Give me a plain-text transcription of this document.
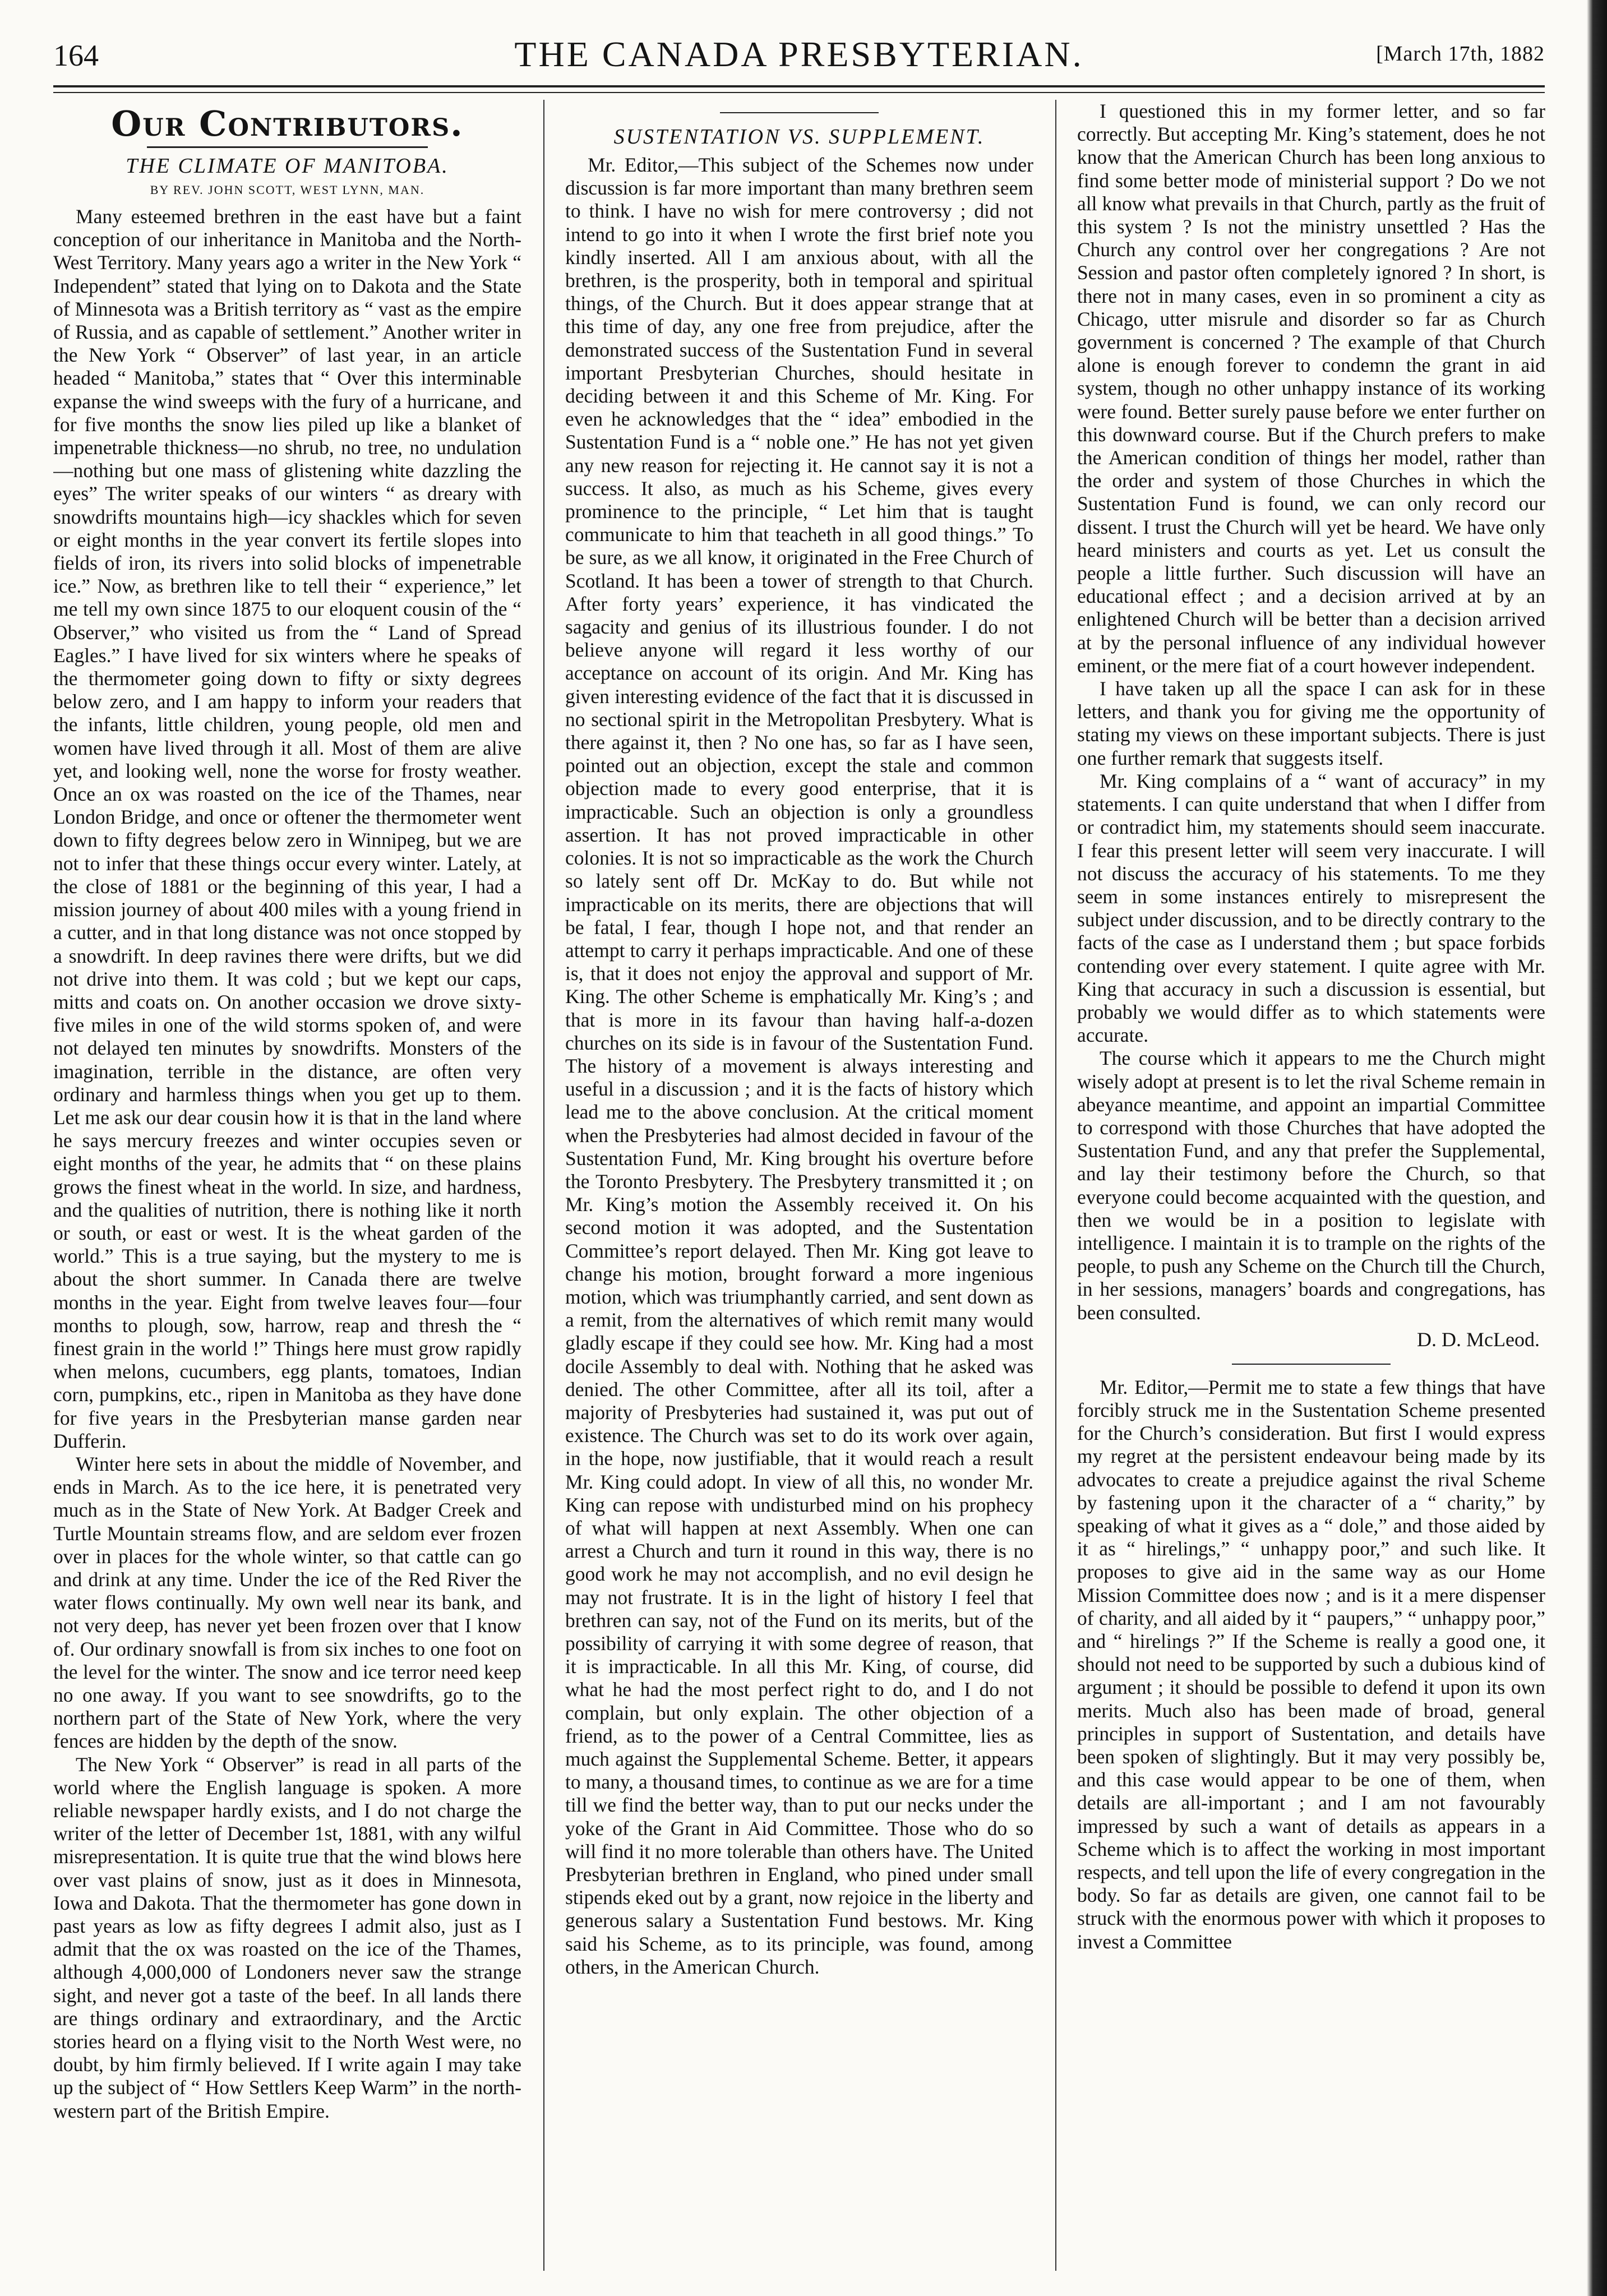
164	THE CANADA PRESBYTERIAN.	[March 17th, 1882
Our Contributors.
THE CLIMATE OF MANITOBA.
BY REV. JOHN SCOTT, WEST LYNN, MAN.

Many esteemed brethren in the east have but a faint conception of our inheritance in Manitoba and the North-West Territory. Many years ago a writer in the New York “ Independent” stated that lying on to Dakota and the State of Minnesota was a British territory as “ vast as the empire of Russia, and as capable of settlement.” Another writer in the New York “ Observer” of last year, in an article headed “ Manitoba,” states that “ Over this interminable expanse the wind sweeps with the fury of a hurricane, and for five months the snow lies piled up like a blanket of impenetrable thickness—no shrub, no tree, no undulation—nothing but one mass of glistening white dazzling the eyes” The writer speaks of our winters “ as dreary with snowdrifts mountains high—icy shackles which for seven or eight months in the year convert its fertile slopes into fields of iron, its rivers into solid blocks of impenetrable ice.” Now, as brethren like to tell their “ experience,” let me tell my own since 1875 to our eloquent cousin of the “ Observer,” who visited us from the “ Land of Spread Eagles.” I have lived for six winters where he speaks of the thermometer going down to fifty or sixty degrees below zero, and I am happy to inform your readers that the infants, little children, young people, old men and women have lived through it all. Most of them are alive yet, and looking well, none the worse for frosty weather. Once an ox was roasted on the ice of the Thames, near London Bridge, and once or oftener the thermometer went down to fifty degrees below zero in Winnipeg, but we are not to infer that these things occur every winter. Lately, at the close of 1881 or the beginning of this year, I had a mission journey of about 400 miles with a young friend in a cutter, and in that long distance was not once stopped by a snowdrift. In deep ravines there were drifts, but we did not drive into them. It was cold ; but we kept our caps, mitts and coats on. On another occasion we drove sixty-five miles in one of the wild storms spoken of, and were not delayed ten minutes by snowdrifts. Monsters of the imagination, terrible in the distance, are often very ordinary and harmless things when you get up to them. Let me ask our dear cousin how it is that in the land where he says mercury freezes and winter occupies seven or eight months of the year, he admits that “ on these plains grows the finest wheat in the world. In size, and hardness, and the qualities of nutrition, there is nothing like it north or south, or east or west. It is the wheat garden of the world.” This is a true saying, but the mystery to me is about the short summer. In Canada there are twelve months in the year. Eight from twelve leaves four—four months to plough, sow, harrow, reap and thresh the “ finest grain in the world !” Things here must grow rapidly when melons, cucumbers, egg plants, tomatoes, Indian corn, pumpkins, etc., ripen in Manitoba as they have done for five years in the Presbyterian manse garden near Dufferin.

Winter here sets in about the middle of November, and ends in March. As to the ice here, it is penetrated very much as in the State of New York. At Badger Creek and Turtle Mountain streams flow, and are seldom ever frozen over in places for the whole winter, so that cattle can go and drink at any time. Under the ice of the Red River the water flows continually. My own well near its bank, and not very deep, has never yet been frozen over that I know of. Our ordinary snowfall is from six inches to one foot on the level for the winter. The snow and ice terror need keep no one away. If you want to see snowdrifts, go to the northern part of the State of New York, where the very fences are hidden by the depth of the snow.

The New York “ Observer” is read in all parts of the world where the English language is spoken. A more reliable newspaper hardly exists, and I do not charge the writer of the letter of December 1st, 1881, with any wilful misrepresentation. It is quite true that the wind blows here over vast plains of snow, just as it does in Minnesota, Iowa and Dakota. That the thermometer has gone down in past years as low as fifty degrees I admit also, just as I admit that the ox was roasted on the ice of the Thames, although 4,000,000 of Londoners never saw the strange sight, and never got a taste of the beef. In all lands there are things ordinary and extraordinary, and the Arctic stories heard on a flying visit to the North West were, no doubt, by him firmly believed. If I write again I may take up the subject of “ How Settlers Keep Warm” in the north-western part of the British Empire.

SUSTENTATION VS. SUPPLEMENT.

Mr. Editor,—This subject of the Schemes now under discussion is far more important than many brethren seem to think. I have no wish for mere controversy ; did not intend to go into it when I wrote the first brief note you kindly inserted. All I am anxious about, with all the brethren, is the prosperity, both in temporal and spiritual things, of the Church. But it does appear strange that at this time of day, any one free from prejudice, after the demonstrated success of the Sustentation Fund in several important Presbyterian Churches, should hesitate in deciding between it and this Scheme of Mr. King. For even he acknowledges that the “ idea” embodied in the Sustentation Fund is a “ noble one.” He has not yet given any new reason for rejecting it. He cannot say it is not a success. It also, as much as his Scheme, gives every prominence to the principle, “ Let him that is taught communicate to him that teacheth in all good things.” To be sure, as we all know, it originated in the Free Church of Scotland. It has been a tower of strength to that Church. After forty years’ experience, it has vindicated the sagacity and genius of its illustrious founder. I do not believe anyone will regard it less worthy of our acceptance on account of its origin. And Mr. King has given interesting evidence of the fact that it is discussed in no sectional spirit in the Metropolitan Presbytery. What is there against it, then ? No one has, so far as I have seen, pointed out an objection, except the stale and common objection made to every good enterprise, that it is impracticable. Such an objection is only a groundless assertion. It has not proved impracticable in other colonies. It is not so impracticable as the work the Church so lately sent off Dr. McKay to do. But while not impracticable on its merits, there are objections that will be fatal, I fear, though I hope not, and that render an attempt to carry it perhaps impracticable. And one of these is, that it does not enjoy the approval and support of Mr. King. The other Scheme is emphatically Mr. King’s ; and that is more in its favour than having half-a-dozen churches on its side is in favour of the Sustentation Fund. The history of a movement is always interesting and useful in a discussion ; and it is the facts of history which lead me to the above conclusion. At the critical moment when the Presbyteries had almost decided in favour of the Sustentation Fund, Mr. King brought his overture before the Toronto Presbytery. The Presbytery transmitted it ; on Mr. King’s motion the Assembly received it. On his second motion it was adopted, and the Sustentation Committee’s report delayed. Then Mr. King got leave to change his motion, brought forward a more ingenious motion, which was triumphantly carried, and sent down as a remit, from the alternatives of which remit many would gladly escape if they could see how. Mr. King had a most docile Assembly to deal with. Nothing that he asked was denied. The other Committee, after all its toil, after a majority of Presbyteries had sustained it, was put out of existence. The Church was set to do its work over again, in the hope, now justifiable, that it would reach a result Mr. King could adopt. In view of all this, no wonder Mr. King can repose with undisturbed mind on his prophecy of what will happen at next Assembly. When one can arrest a Church and turn it round in this way, there is no good work he may not accomplish, and no evil design he may not frustrate. It is in the light of history I feel that brethren can say, not of the Fund on its merits, but of the possibility of carrying it with some degree of reason, that it is impracticable. In all this Mr. King, of course, did what he had the most perfect right to do, and I do not complain, but only explain. The other objection of a friend, as to the power of a Central Committee, lies as much against the Supplemental Scheme. Better, it appears to many, a thousand times, to continue as we are for a time till we find the better way, than to put our necks under the yoke of the Grant in Aid Committee. Those who do so will find it no more tolerable than others have. The United Presbyterian brethren in England, who pined under small stipends eked out by a grant, now rejoice in the liberty and generous salary a Sustentation Fund bestows. Mr. King said his Scheme, as to its principle, was found, among others, in the American Church.

I questioned this in my former letter, and so far correctly. But accepting Mr. King’s statement, does he not know that the American Church has been long anxious to find some better mode of ministerial support ? Do we not all know what prevails in that Church, partly as the fruit of this system ? Is not the ministry unsettled ? Has the Church any control over her congregations ? Are not Session and pastor often completely ignored ? In short, is there not in many cases, even in so prominent a city as Chicago, utter misrule and disorder so far as Church government is concerned ? The example of that Church alone is enough forever to condemn the grant in aid system, though no other unhappy instance of its working were found. Better surely pause before we enter further on this downward course. But if the Church prefers to make the American condition of things her model, rather than the order and system of those Churches in which the Sustentation Fund is found, we can only record our dissent. I trust the Church will yet be heard. We have only heard ministers and courts as yet. Let us consult the people a little further. Such discussion will have an educational effect ; and a decision arrived at by an enlightened Church will be better than a decision arrived at by the personal influence of any individual however eminent, or the mere fiat of a court however independent.

I have taken up all the space I can ask for in these letters, and thank you for giving me the opportunity of stating my views on these important subjects. There is just one further remark that suggests itself.

Mr. King complains of a “ want of accuracy” in my statements. I can quite understand that when I differ from or contradict him, my statements should seem inaccurate. I fear this present letter will seem very inaccurate. I will not discuss the accuracy of his statements. To me they seem in some instances entirely to misrepresent the subject under discussion, and to be directly contrary to the facts of the case as I understand them ; but space forbids contending over every statement. I quite agree with Mr. King that accuracy in such a discussion is essential, but probably we would differ as to which statements were accurate.

The course which it appears to me the Church might wisely adopt at present is to let the rival Scheme remain in abeyance meantime, and appoint an impartial Committee to correspond with those Churches that have adopted the Sustentation Fund, and any that prefer the Supplemental, and lay their testimony before the Church, so that everyone could become acquainted with the question, and then we would be in a position to legislate with intelligence. I maintain it is to trample on the rights of the people, to push any Scheme on the Church till the Church, in her sessions, managers’ boards and congregations, has been consulted.

D. D. McLeod.

Mr. Editor,—Permit me to state a few things that have forcibly struck me in the Sustentation Scheme presented for the Church’s consideration. But first I would express my regret at the persistent endeavour being made by its advocates to create a prejudice against the rival Scheme by fastening upon it the character of a “ charity,” by speaking of what it gives as a “ dole,” and those aided by it as “ hirelings,” “ unhappy poor,” and such like. It proposes to give aid in the same way as our Home Mission Committee does now ; and is it a mere dispenser of charity, and all aided by it “ paupers,” “ unhappy poor,” and “ hirelings ?” If the Scheme is really a good one, it should not need to be supported by such a dubious kind of argument ; it should be possible to defend it upon its own merits. Much also has been made of broad, general principles in support of Sustentation, and details have been spoken of slightingly. But it may very possibly be, and this case would appear to be one of them, when details are all-important ; and I am not favourably impressed by such a want of details as appears in a Scheme which is to affect the working in most important respects, and tell upon the life of every congregation in the body. So far as details are given, one cannot fail to be struck with the enormous power with which it proposes to invest a Committee
